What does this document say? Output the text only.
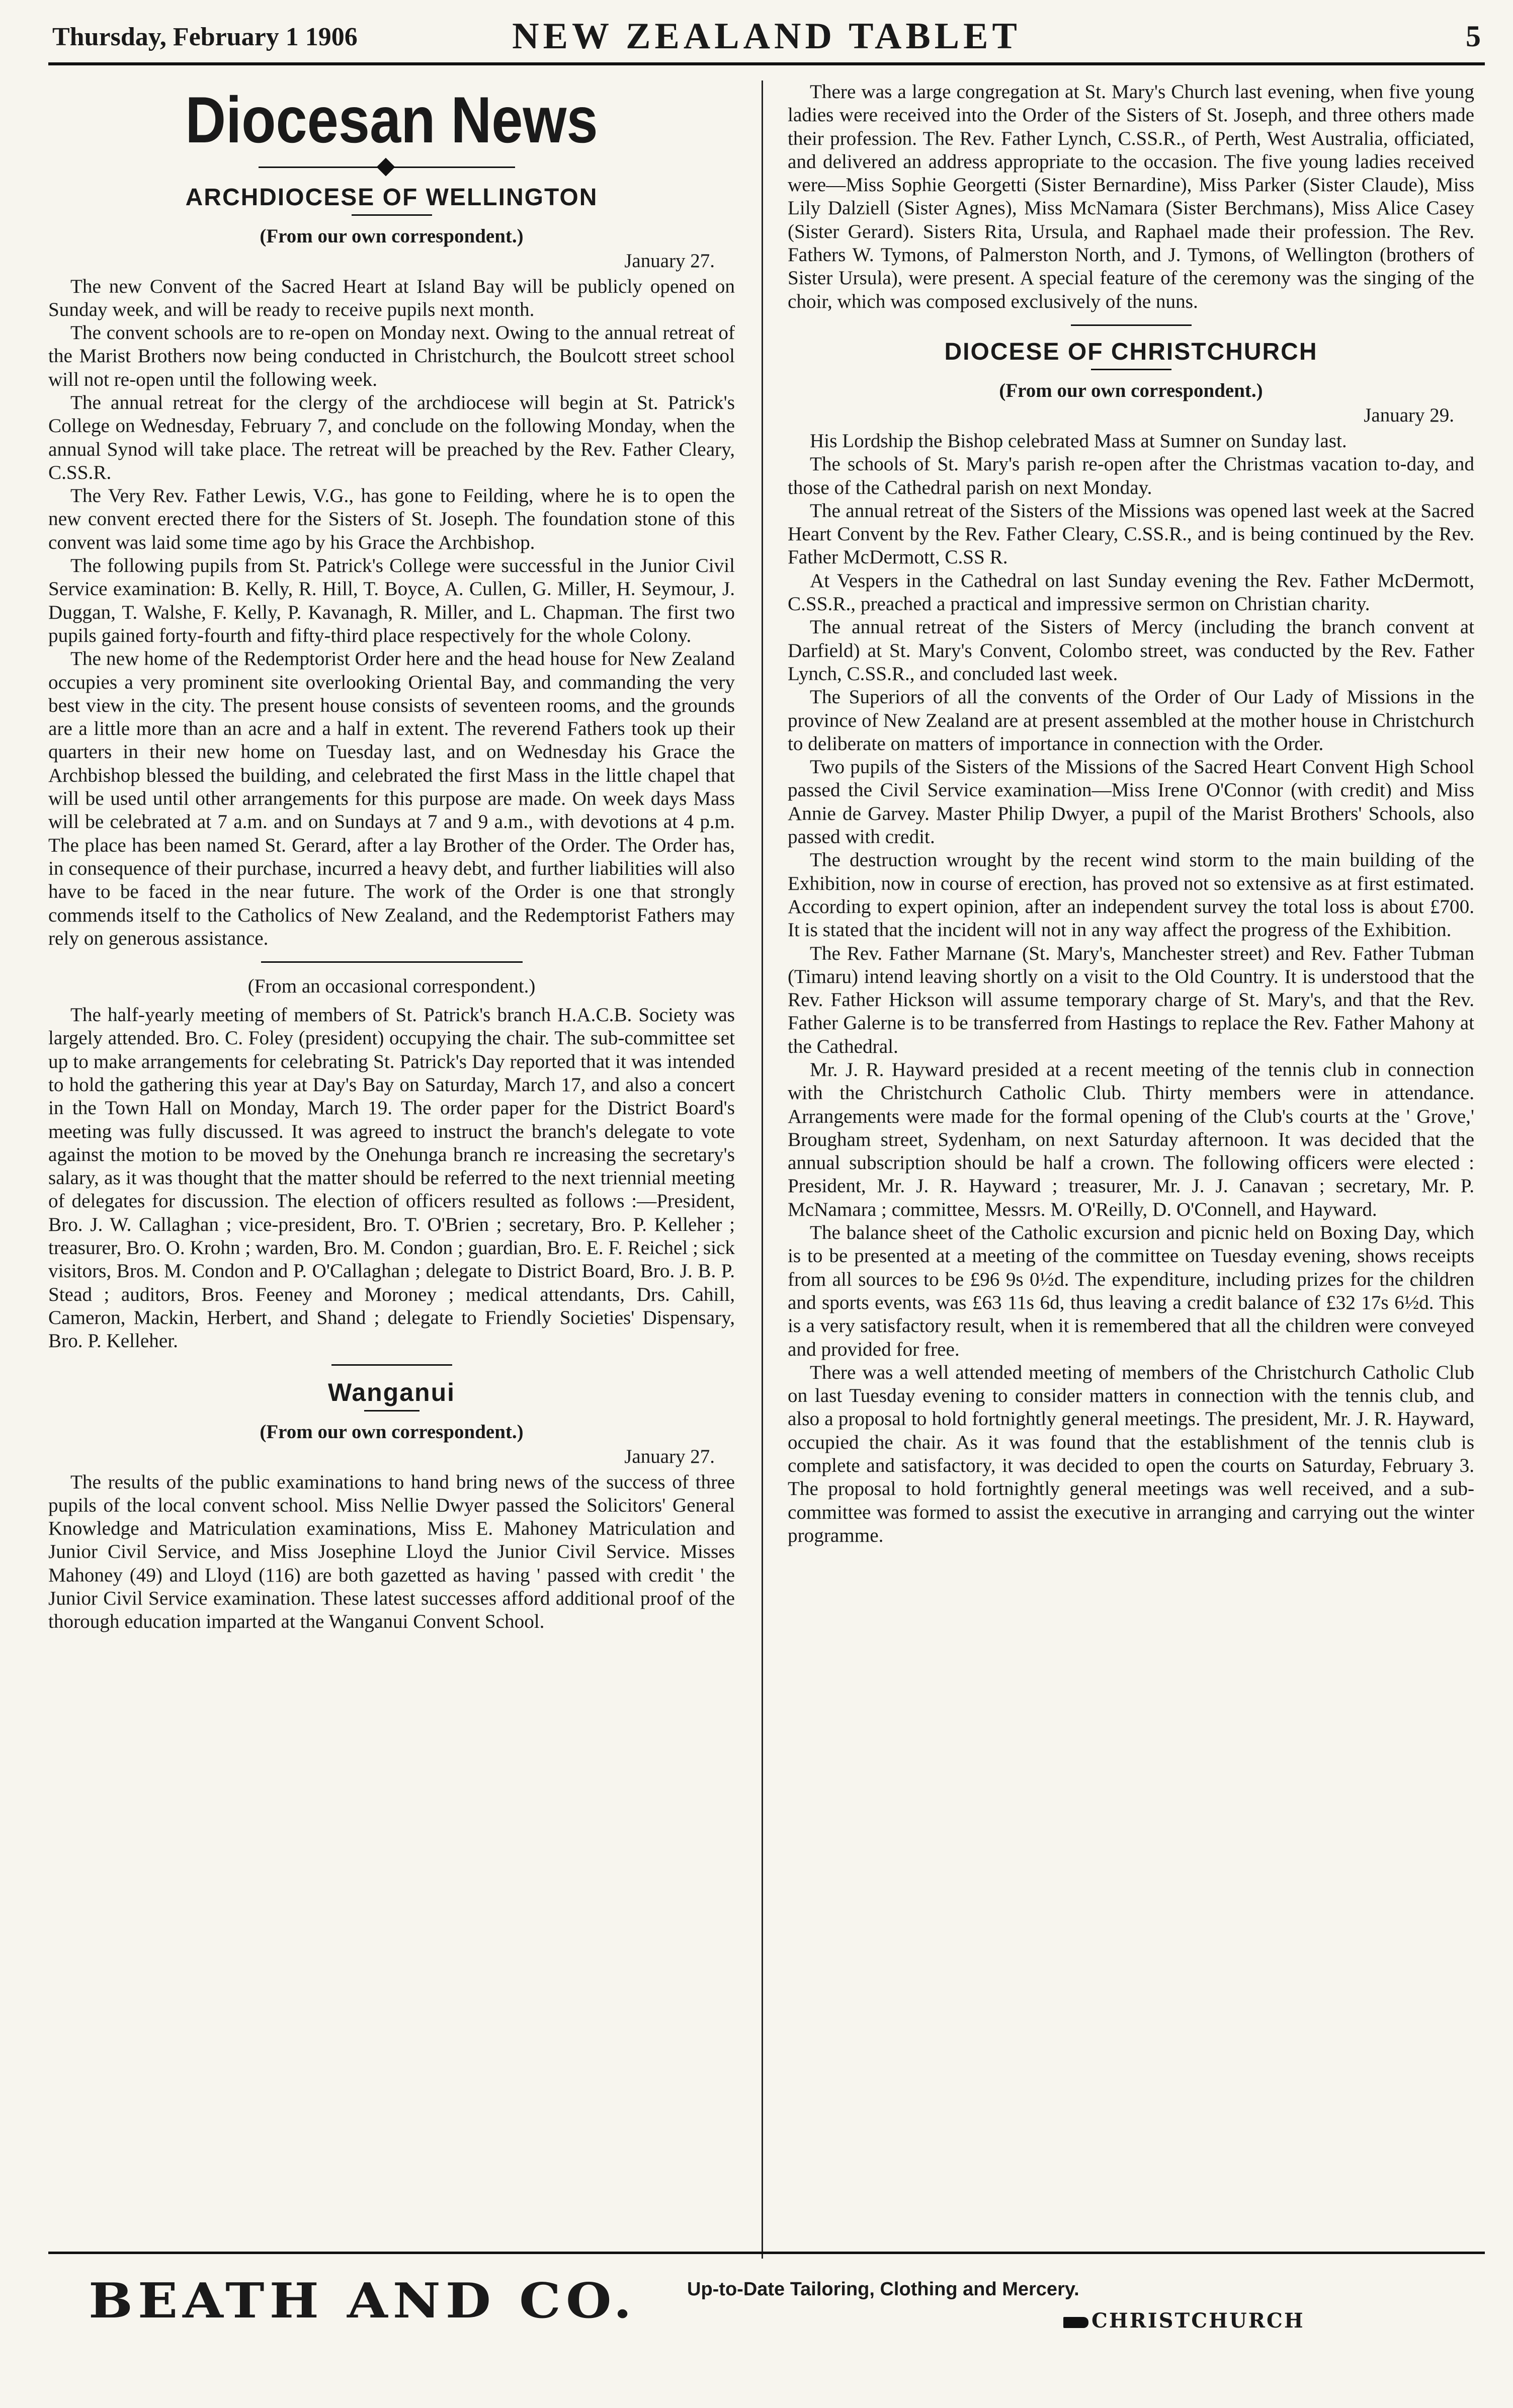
Thursday, February 1 1906	NEW ZEALAND TABLET	5
Diocesan News
ARCHDIOCESE OF WELLINGTON
(From our own correspondent.)
January 27.

The new Convent of the Sacred Heart at Island Bay will be publicly opened on Sunday week, and will be ready to receive pupils next month.

The convent schools are to re-open on Monday next. Owing to the annual retreat of the Marist Brothers now being conducted in Christchurch, the Boulcott street school will not re-open until the following week.

The annual retreat for the clergy of the archdiocese will begin at St. Patrick's College on Wednesday, February 7, and conclude on the following Monday, when the annual Synod will take place. The retreat will be preached by the Rev. Father Cleary, C.SS.R.

The Very Rev. Father Lewis, V.G., has gone to Feilding, where he is to open the new convent erected there for the Sisters of St. Joseph. The foundation stone of this convent was laid some time ago by his Grace the Archbishop.

The following pupils from St. Patrick's College were successful in the Junior Civil Service examination: B. Kelly, R. Hill, T. Boyce, A. Cullen, G. Miller, H. Seymour, J. Duggan, T. Walshe, F. Kelly, P. Kavanagh, R. Miller, and L. Chapman. The first two pupils gained forty-fourth and fifty-third place respectively for the whole Colony.

The new home of the Redemptorist Order here and the head house for New Zealand occupies a very prominent site overlooking Oriental Bay, and commanding the very best view in the city. The present house consists of seventeen rooms, and the grounds are a little more than an acre and a half in extent. The reverend Fathers took up their quarters in their new home on Tuesday last, and on Wednesday his Grace the Archbishop blessed the building, and celebrated the first Mass in the little chapel that will be used until other arrangements for this purpose are made. On week days Mass will be celebrated at 7 a.m. and on Sundays at 7 and 9 a.m., with devotions at 4 p.m. The place has been named St. Gerard, after a lay Brother of the Order. The Order has, in consequence of their purchase, incurred a heavy debt, and further liabilities will also have to be faced in the near future. The work of the Order is one that strongly commends itself to the Catholics of New Zealand, and the Redemptorist Fathers may rely on generous assistance.

(From an occasional correspondent.)

The half-yearly meeting of members of St. Patrick's branch H.A.C.B. Society was largely attended. Bro. C. Foley (president) occupying the chair. The sub-committee set up to make arrangements for celebrating St. Patrick's Day reported that it was intended to hold the gathering this year at Day's Bay on Saturday, March 17, and also a concert in the Town Hall on Monday, March 19. The order paper for the District Board's meeting was fully discussed. It was agreed to instruct the branch's delegate to vote against the motion to be moved by the Onehunga branch re increasing the secretary's salary, as it was thought that the matter should be referred to the next triennial meeting of delegates for discussion. The election of officers resulted as follows :—President, Bro. J. W. Callaghan ; vice-president, Bro. T. O'Brien ; secretary, Bro. P. Kelleher ; treasurer, Bro. O. Krohn ; warden, Bro. M. Condon ; guardian, Bro. E. F. Reichel ; sick visitors, Bros. M. Condon and P. O'Callaghan ; delegate to District Board, Bro. J. B. P. Stead ; auditors, Bros. Feeney and Moroney ; medical attendants, Drs. Cahill, Cameron, Mackin, Herbert, and Shand ; delegate to Friendly Societies' Dispensary, Bro. P. Kelleher.

Wanganui
(From our own correspondent.)
January 27.

The results of the public examinations to hand bring news of the success of three pupils of the local convent school. Miss Nellie Dwyer passed the Solicitors' General Knowledge and Matriculation examinations, Miss E. Mahoney Matriculation and Junior Civil Service, and Miss Josephine Lloyd the Junior Civil Service. Misses Mahoney (49) and Lloyd (116) are both gazetted as having ' passed with credit ' the Junior Civil Service examination. These latest successes afford additional proof of the thorough education imparted at the Wanganui Convent School.

There was a large congregation at St. Mary's Church last evening, when five young ladies were received into the Order of the Sisters of St. Joseph, and three others made their profession. The Rev. Father Lynch, C.SS.R., of Perth, West Australia, officiated, and delivered an address appropriate to the occasion. The five young ladies received were—Miss Sophie Georgetti (Sister Bernardine), Miss Parker (Sister Claude), Miss Lily Dalziell (Sister Agnes), Miss McNamara (Sister Berchmans), Miss Alice Casey (Sister Gerard). Sisters Rita, Ursula, and Raphael made their profession. The Rev. Fathers W. Tymons, of Palmerston North, and J. Tymons, of Wellington (brothers of Sister Ursula), were present. A special feature of the ceremony was the singing of the choir, which was composed exclusively of the nuns.

DIOCESE OF CHRISTCHURCH
(From our own correspondent.)
January 29.

His Lordship the Bishop celebrated Mass at Sumner on Sunday last.

The schools of St. Mary's parish re-open after the Christmas vacation to-day, and those of the Cathedral parish on next Monday.

The annual retreat of the Sisters of the Missions was opened last week at the Sacred Heart Convent by the Rev. Father Cleary, C.SS.R., and is being continued by the Rev. Father McDermott, C.SS R.

At Vespers in the Cathedral on last Sunday evening the Rev. Father McDermott, C.SS.R., preached a practical and impressive sermon on Christian charity.

The annual retreat of the Sisters of Mercy (including the branch convent at Darfield) at St. Mary's Convent, Colombo street, was conducted by the Rev. Father Lynch, C.SS.R., and concluded last week.

The Superiors of all the convents of the Order of Our Lady of Missions in the province of New Zealand are at present assembled at the mother house in Christchurch to deliberate on matters of importance in connection with the Order.

Two pupils of the Sisters of the Missions of the Sacred Heart Convent High School passed the Civil Service examination—Miss Irene O'Connor (with credit) and Miss Annie de Garvey. Master Philip Dwyer, a pupil of the Marist Brothers' Schools, also passed with credit.

The destruction wrought by the recent wind storm to the main building of the Exhibition, now in course of erection, has proved not so extensive as at first estimated. According to expert opinion, after an independent survey the total loss is about £700. It is stated that the incident will not in any way affect the progress of the Exhibition.

The Rev. Father Marnane (St. Mary's, Manchester street) and Rev. Father Tubman (Timaru) intend leaving shortly on a visit to the Old Country. It is understood that the Rev. Father Hickson will assume temporary charge of St. Mary's, and that the Rev. Father Galerne is to be transferred from Hastings to replace the Rev. Father Mahony at the Cathedral.

Mr. J. R. Hayward presided at a recent meeting of the tennis club in connection with the Christchurch Catholic Club. Thirty members were in attendance. Arrangements were made for the formal opening of the Club's courts at the ' Grove,' Brougham street, Sydenham, on next Saturday afternoon. It was decided that the annual subscription should be half a crown. The following officers were elected : President, Mr. J. R. Hayward ; treasurer, Mr. J. J. Canavan ; secretary, Mr. P. McNamara ; committee, Messrs. M. O'Reilly, D. O'Connell, and Hayward.

The balance sheet of the Catholic excursion and picnic held on Boxing Day, which is to be presented at a meeting of the committee on Tuesday evening, shows receipts from all sources to be £96 9s 0½d. The expenditure, including prizes for the children and sports events, was £63 11s 6d, thus leaving a credit balance of £32 17s 6½d. This is a very satisfactory result, when it is remembered that all the children were conveyed and provided for free.

There was a well attended meeting of members of the Christchurch Catholic Club on last Tuesday evening to consider matters in connection with the tennis club, and also a proposal to hold fortnightly general meetings. The president, Mr. J. R. Hayward, occupied the chair. As it was found that the establishment of the tennis club is complete and satisfactory, it was decided to open the courts on Saturday, February 3. The proposal to hold fortnightly general meetings was well received, and a sub-committee was formed to assist the executive in arranging and carrying out the winter programme.

BEATH AND CO.	Up-to-Date Tailoring, Clothing and Mercery.
CHRISTCHURCH
